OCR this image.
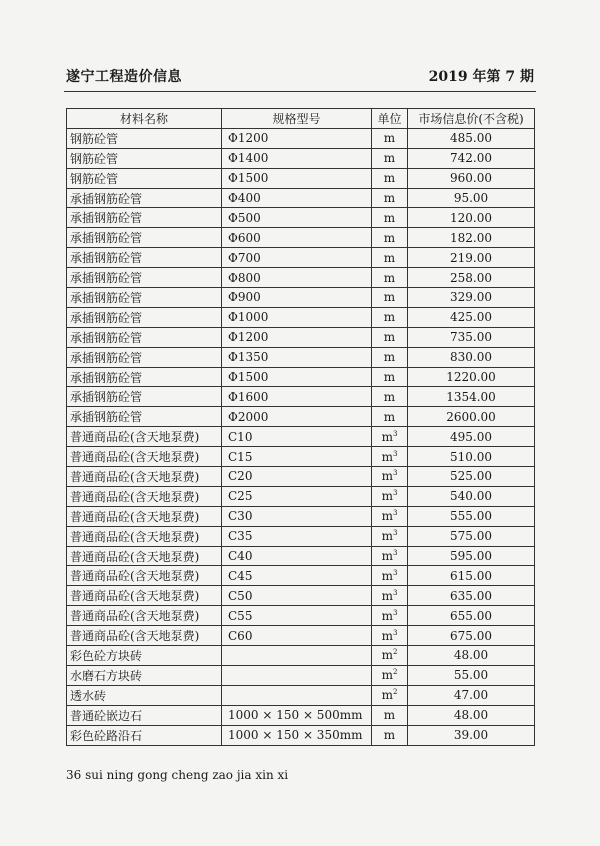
遂宁工程造价信息	2019 年第 7 期
材料名称	规格型号	单位	市场信息价(不含税)
钢筋砼管	Φ1200	m	485.00
钢筋砼管	Φ1400	m	742.00
钢筋砼管	Φ1500	m	960.00
承插钢筋砼管	Φ400	m	95.00
承插钢筋砼管	Φ500	m	120.00
承插钢筋砼管	Φ600	m	182.00
承插钢筋砼管	Φ700	m	219.00
承插钢筋砼管	Φ800	m	258.00
承插钢筋砼管	Φ900	m	329.00
承插钢筋砼管	Φ1000	m	425.00
承插钢筋砼管	Φ1200	m	735.00
承插钢筋砼管	Φ1350	m	830.00
承插钢筋砼管	Φ1500	m	1220.00
承插钢筋砼管	Φ1600	m	1354.00
承插钢筋砼管	Φ2000	m	2600.00
普通商品砼(含天地泵费)	C10	$m^3$	495.00
普通商品砼(含天地泵费)	C15	$m^3$	510.00
普通商品砼(含天地泵费)	C20	$m^3$	525.00
普通商品砼(含天地泵费)	C25	$m^3$	540.00
普通商品砼(含天地泵费)	C30	$m^3$	555.00
普通商品砼(含天地泵费)	C35	$m^3$	575.00
普通商品砼(含天地泵费)	C40	$m^3$	595.00
普通商品砼(含天地泵费)	C45	$m^3$	615.00
普通商品砼(含天地泵费)	C50	$m^3$	635.00
普通商品砼(含天地泵费)	C55	$m^3$	655.00
普通商品砼(含天地泵费)	C60	$m^3$	675.00
彩色砼方块砖		$m^2$	48.00
水磨石方块砖		$m^2$	55.00
透水砖		$m^2$	47.00
普通砼嵌边石	1000 × 150 × 500mm	m	48.00
彩色砼路沿石	1000 × 150 × 350mm	m	39.00
36 sui ning gong cheng zao jia xin xi
